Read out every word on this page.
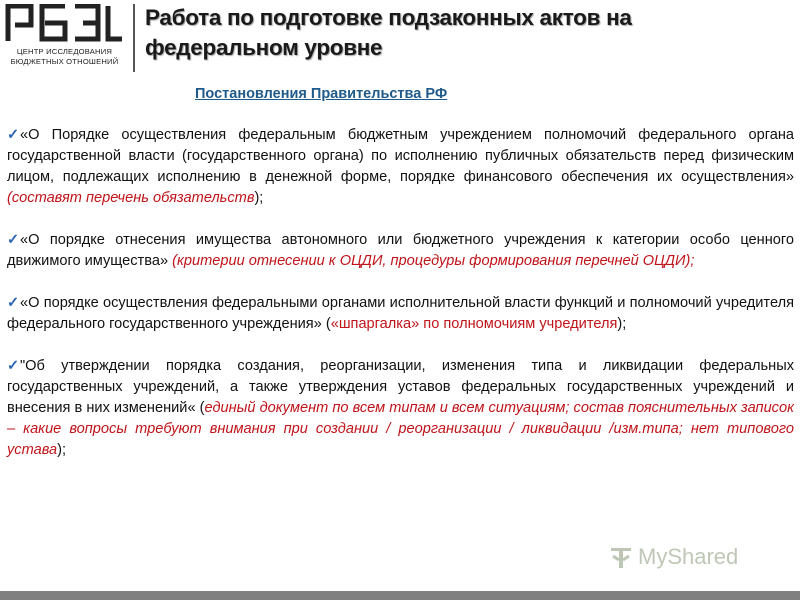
ЦЕНТР ИССЛЕДОВАНИЯ
БЮДЖЕТНЫХ ОТНОШЕНИЙ
Работа по подготовке подзаконных актов на федеральном уровне
Постановления Правительства РФ
✓«О Порядке осуществления федеральным бюджетным учреждением полномочий федерального органа государственной власти (государственного органа) по исполнению публичных обязательств перед физическим лицом, подлежащих исполнению в денежной форме, порядке финансового обеспечения их осуществления» (составят перечень обязательств);
✓«О порядке отнесения имущества автономного или бюджетного учреждения к категории особо ценного движимого имущества» (критерии отнесении к ОЦДИ, процедуры формирования перечней ОЦДИ);
✓«О порядке осуществления федеральными органами исполнительной власти функций и полномочий учредителя федерального государственного учреждения» («шпаргалка» по полномочиям учредителя);
✓"Об утверждении порядка создания, реорганизации, изменения типа и ликвидации федеральных государственных учреждений, а также утверждения уставов федеральных государственных учреждений и внесения в них изменений« (единый документ по всем типам и всем ситуациям; состав пояснительных записок – какие вопросы требуют внимания при создании / реорганизации / ликвидации /изм.типа; нет типового устава);
MyShared
